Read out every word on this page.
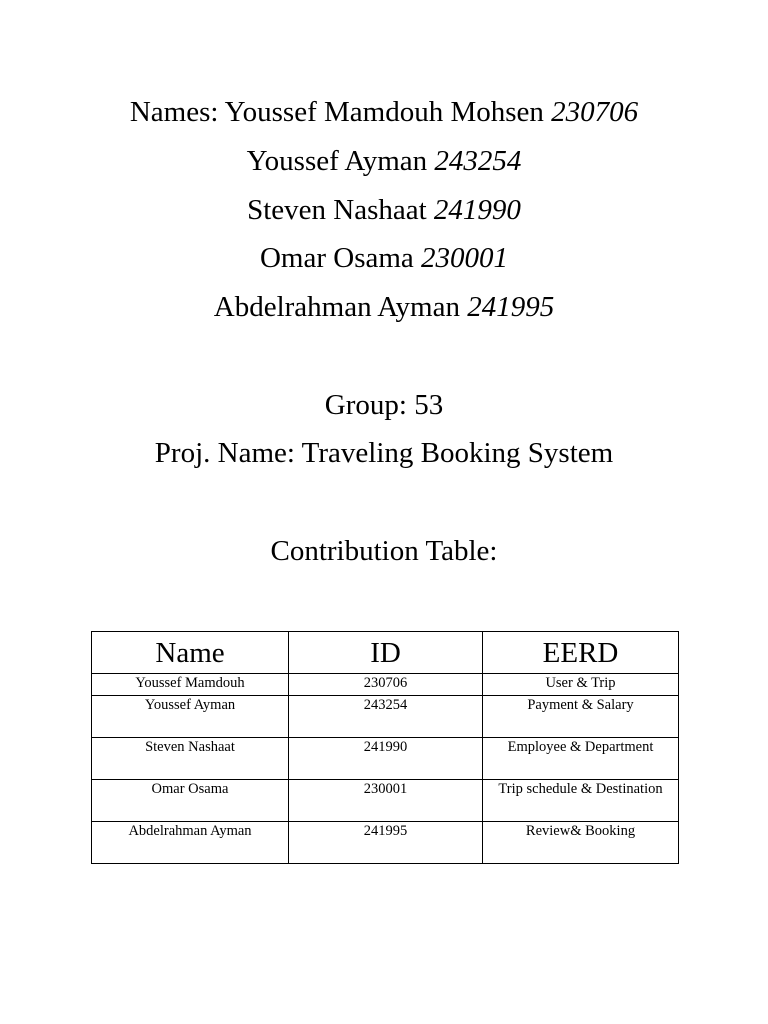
Names: Youssef Mamdouh Mohsen 230706
Youssef Ayman 243254
Steven Nashaat 241990
Omar Osama 230001
Abdelrahman Ayman 241995
Group: 53
Proj. Name: Traveling Booking System
Contribution Table:
Name	ID	EERD
Youssef Mamdouh	230706	User & Trip
Youssef Ayman	243254	Payment & Salary
Steven Nashaat	241990	Employee & Department
Omar Osama	230001	Trip schedule & Destination
Abdelrahman Ayman	241995	Review& Booking
